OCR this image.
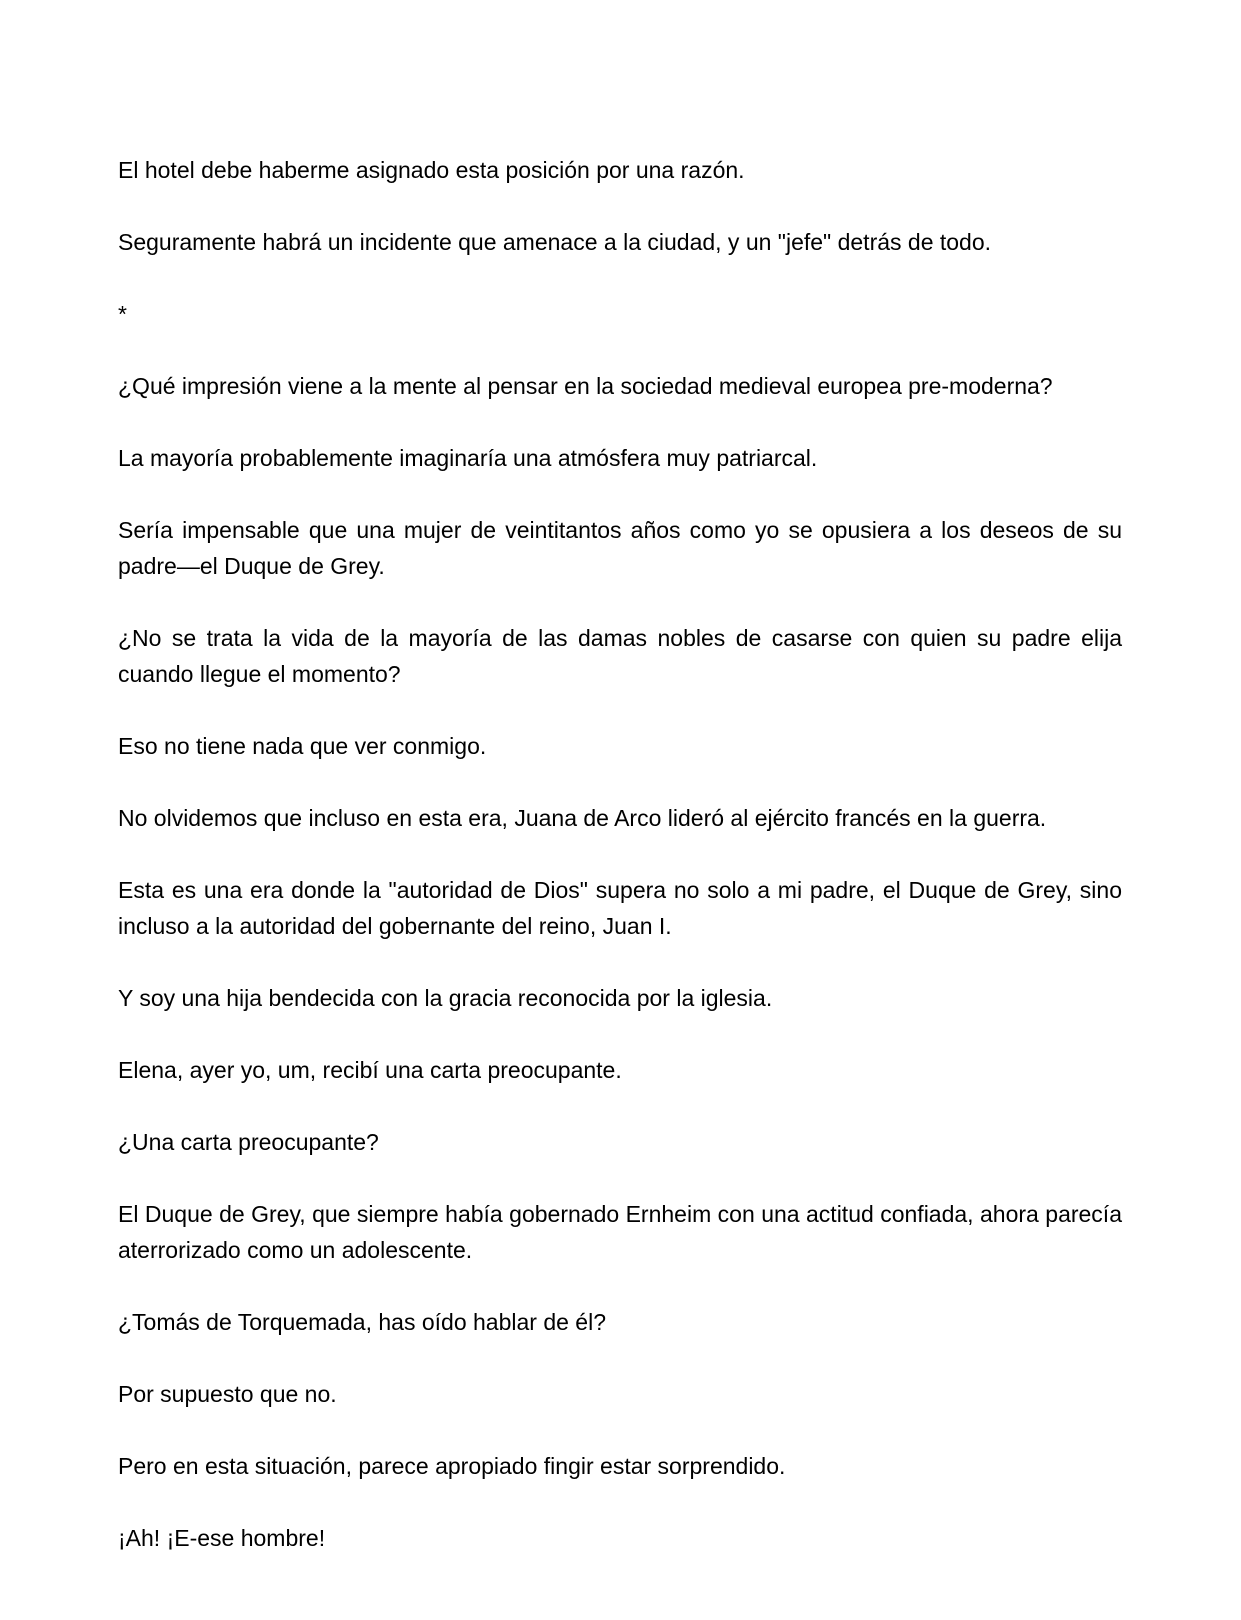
El hotel debe haberme asignado esta posición por una razón.

Seguramente habrá un incidente que amenace a la ciudad, y un "jefe" detrás de todo.

*

¿Qué impresión viene a la mente al pensar en la sociedad medieval europea pre-moderna?

La mayoría probablemente imaginaría una atmósfera muy patriarcal.

Sería impensable que una mujer de veintitantos años como yo se opusiera a los deseos de su padre—el Duque de Grey.

¿No se trata la vida de la mayoría de las damas nobles de casarse con quien su padre elija cuando llegue el momento?

Eso no tiene nada que ver conmigo.

No olvidemos que incluso en esta era, Juana de Arco lideró al ejército francés en la guerra.

Esta es una era donde la "autoridad de Dios" supera no solo a mi padre, el Duque de Grey, sino incluso a la autoridad del gobernante del reino, Juan I.

Y soy una hija bendecida con la gracia reconocida por la iglesia.

Elena, ayer yo, um, recibí una carta preocupante.

¿Una carta preocupante?

El Duque de Grey, que siempre había gobernado Ernheim con una actitud confiada, ahora parecía aterrorizado como un adolescente.

¿Tomás de Torquemada, has oído hablar de él?

Por supuesto que no.

Pero en esta situación, parece apropiado fingir estar sorprendido.

¡Ah! ¡E-ese hombre!
